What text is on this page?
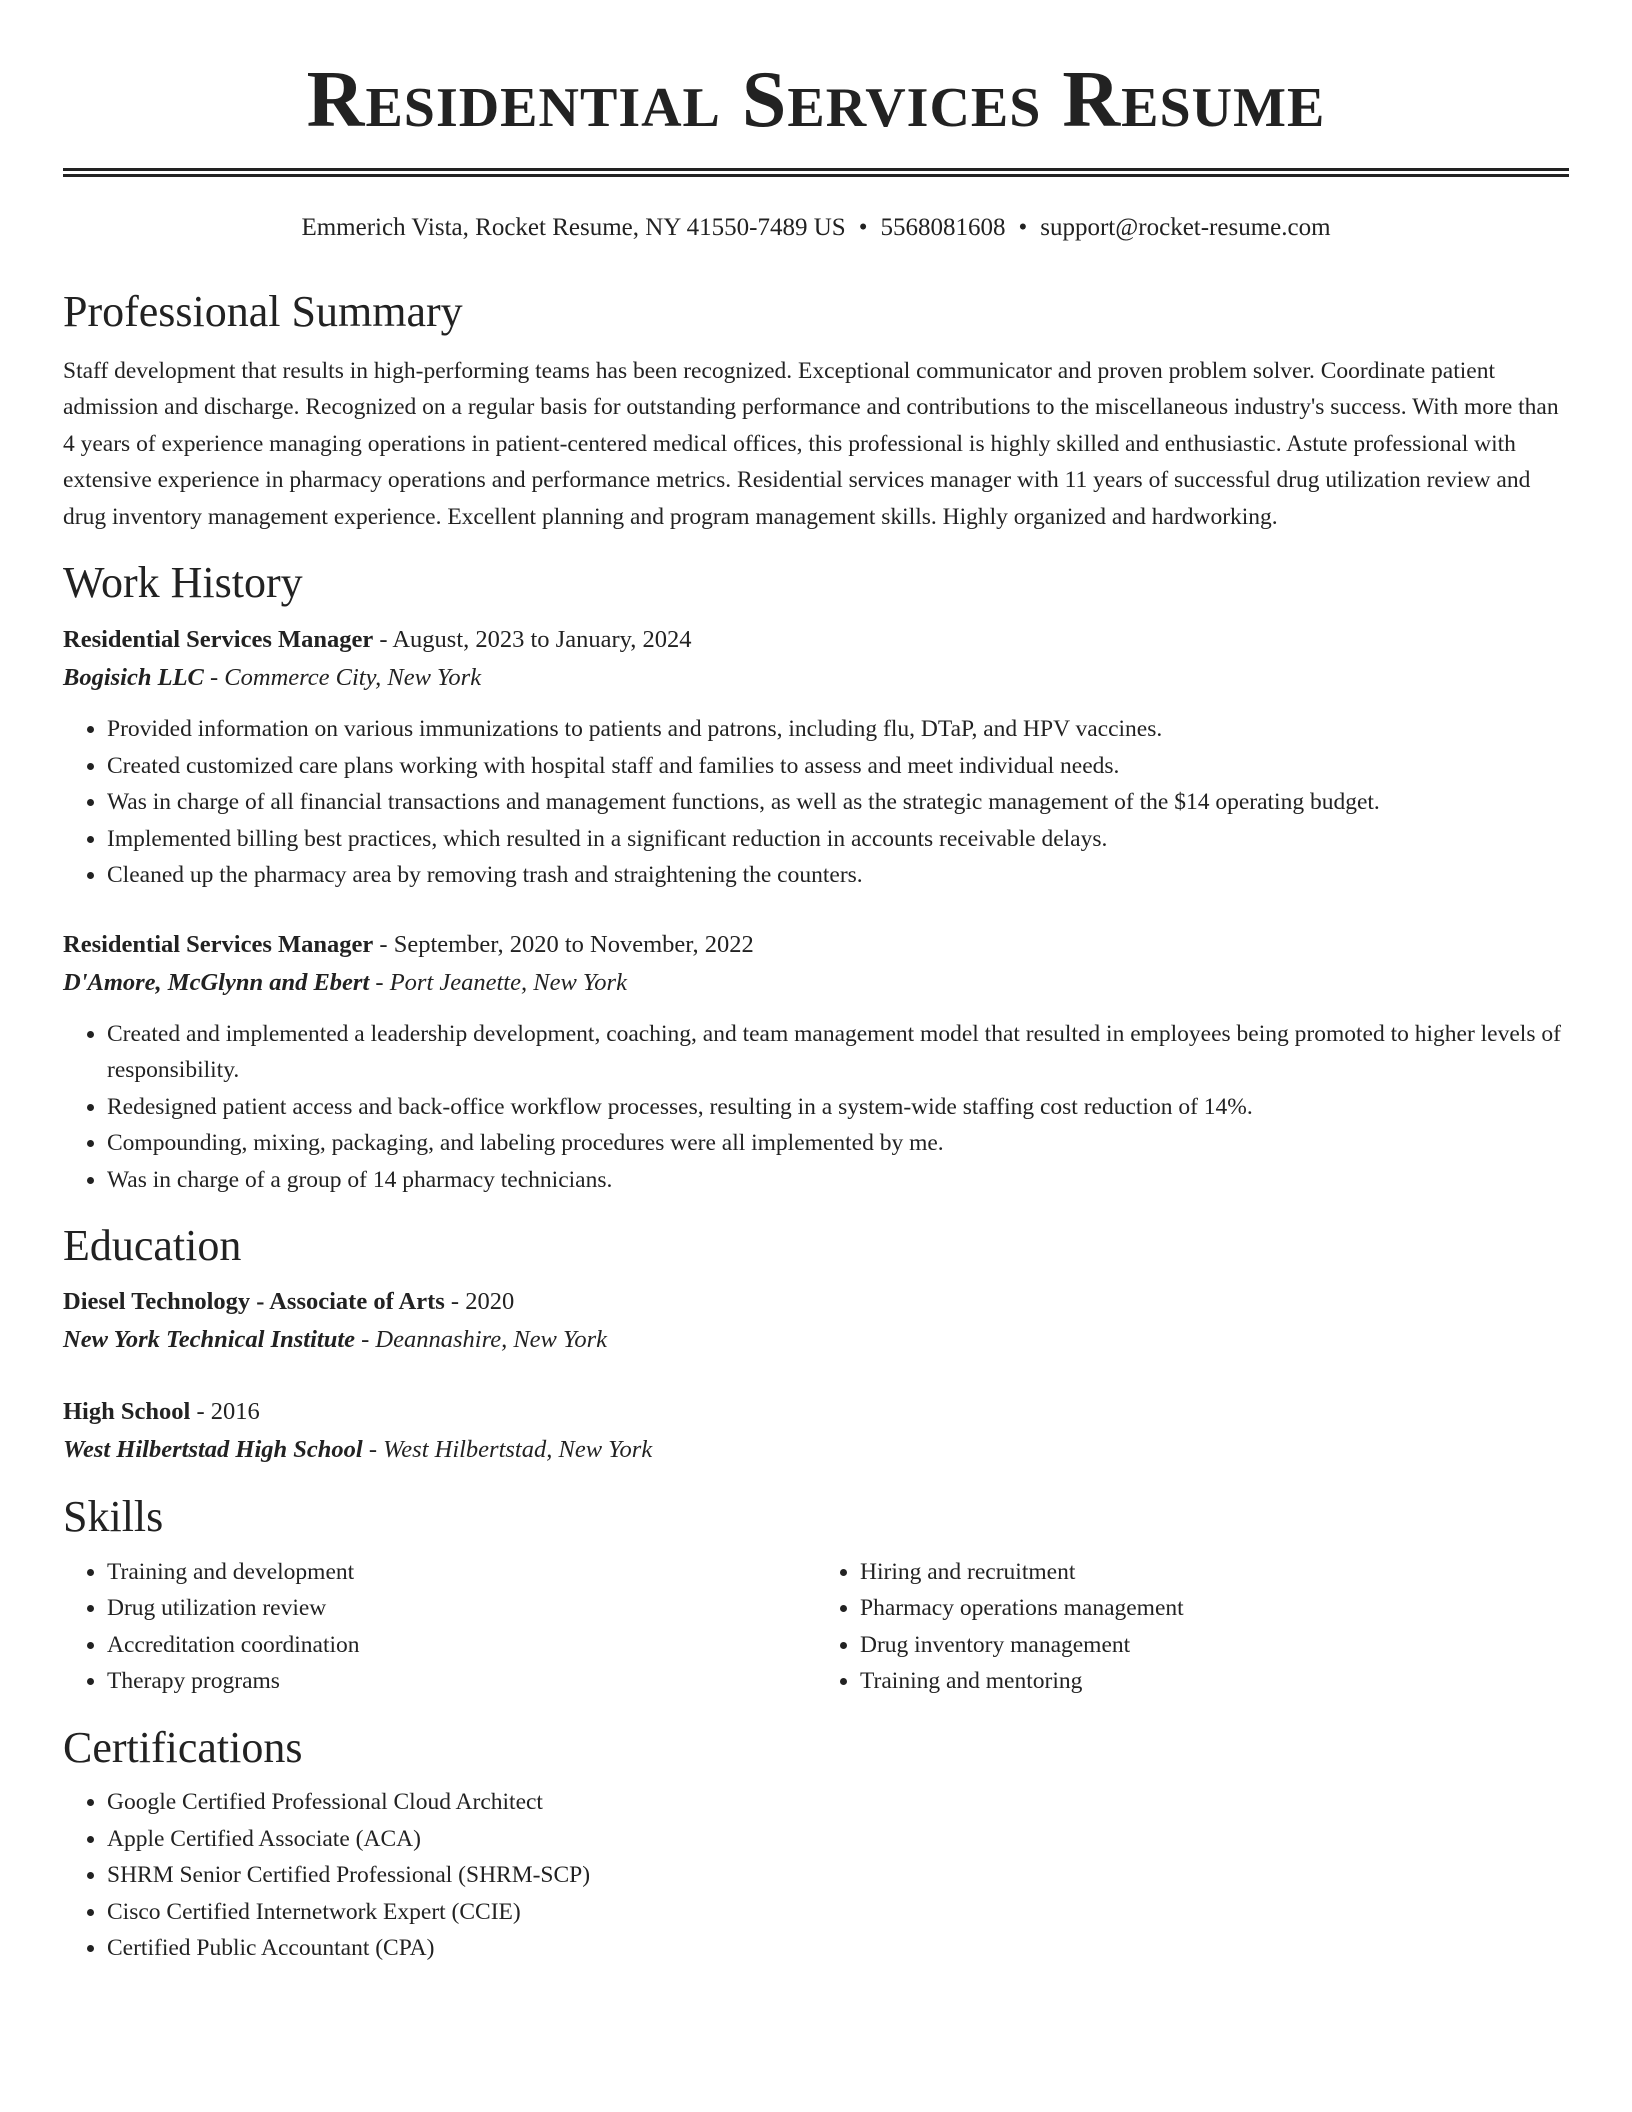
Residential Services Resume
Emmerich Vista, Rocket Resume, NY 41550-7489 US • 5568081608 • support@rocket-resume.com
Professional Summary

Staff development that results in high-performing teams has been recognized. Exceptional communicator and proven problem solver. Coordinate patient admission and discharge. Recognized on a regular basis for outstanding performance and contributions to the miscellaneous industry's success. With more than 4 years of experience managing operations in patient-centered medical offices, this professional is highly skilled and enthusiastic. Astute professional with extensive experience in pharmacy operations and performance metrics. Residential services manager with 11 years of successful drug utilization review and drug inventory management experience. Excellent planning and program management skills. Highly organized and hardworking.

Work History
Residential Services Manager - August, 2023 to January, 2024
Bogisich LLC - Commerce City, New York
• Provided information on various immunizations to patients and patrons, including flu, DTaP, and HPV vaccines.
• Created customized care plans working with hospital staff and families to assess and meet individual needs.
• Was in charge of all financial transactions and management functions, as well as the strategic management of the $14 operating budget.
• Implemented billing best practices, which resulted in a significant reduction in accounts receivable delays.
• Cleaned up the pharmacy area by removing trash and straightening the counters.
Residential Services Manager - September, 2020 to November, 2022
D'Amore, McGlynn and Ebert - Port Jeanette, New York
• Created and implemented a leadership development, coaching, and team management model that resulted in employees being promoted to higher levels of responsibility.
• Redesigned patient access and back-office workflow processes, resulting in a system-wide staffing cost reduction of 14%.
• Compounding, mixing, packaging, and labeling procedures were all implemented by me.
• Was in charge of a group of 14 pharmacy technicians.
Education
Diesel Technology - Associate of Arts - 2020
New York Technical Institute - Deannashire, New York
High School - 2016
West Hilbertstad High School - West Hilbertstad, New York
Skills
• Training and development
• Drug utilization review
• Accreditation coordination
• Therapy programs
• Hiring and recruitment
• Pharmacy operations management
• Drug inventory management
• Training and mentoring
Certifications
• Google Certified Professional Cloud Architect
• Apple Certified Associate (ACA)
• SHRM Senior Certified Professional (SHRM-SCP)
• Cisco Certified Internetwork Expert (CCIE)
• Certified Public Accountant (CPA)
